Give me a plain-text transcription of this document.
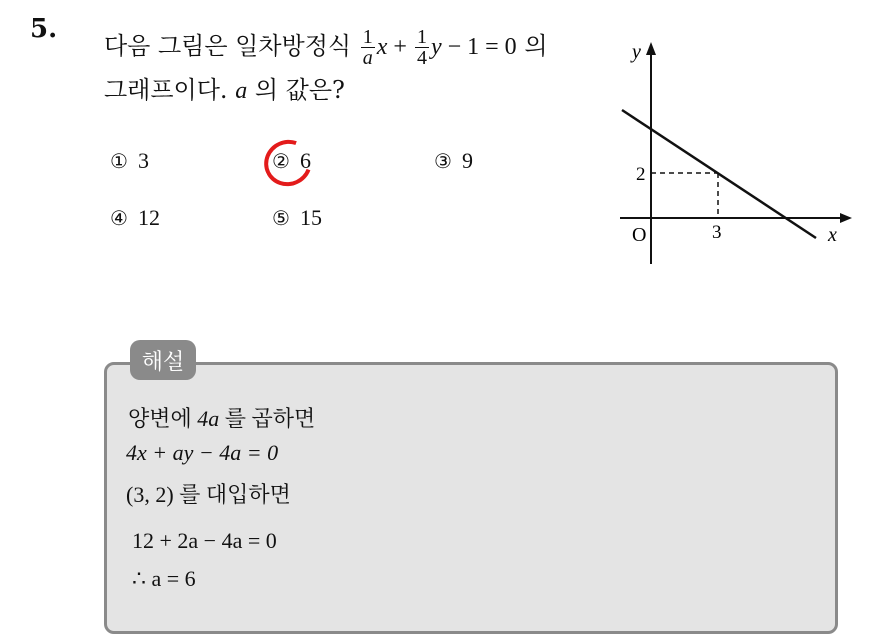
5.
다음 그림은 일차방정식 $\frac{1}{a}$ $x + \frac{1}{4}$ y − 1 = 0 의
그래프이다. a 의 값은?
① 3	② 6	③ 9
④ 12	⑤ 15
y
x
O
2
3
해설
양변에 4a 를 곱하면
4x + ay − 4a = 0
(3, 2) 를 대입하면
12 + 2a − 4a = 0
∴ a = 6
